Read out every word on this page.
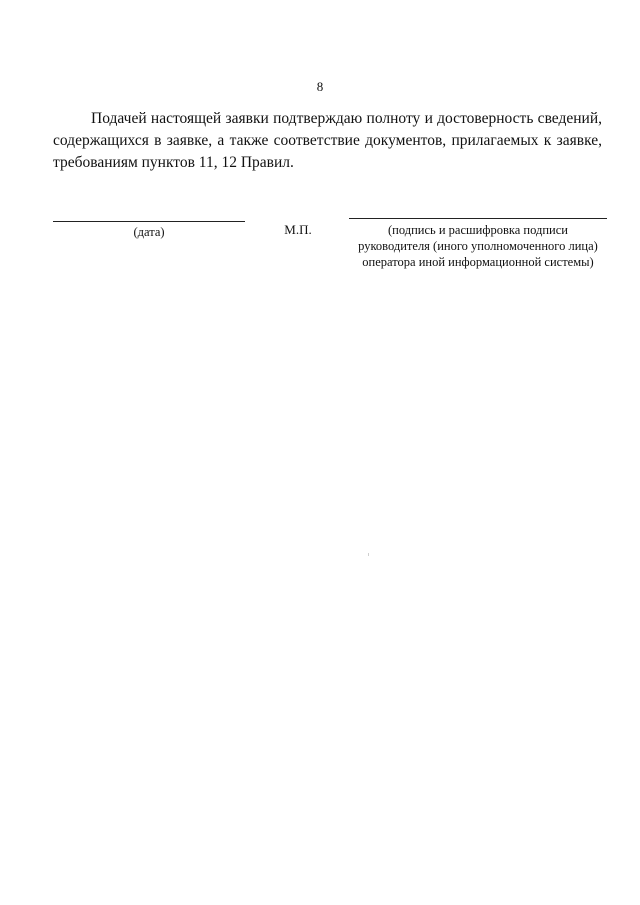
8

Подачей настоящей заявки подтверждаю полноту и достоверность сведений, содержащихся в заявке, а также соответствие документов, прилагаемых к заявке, требованиям пунктов 11, 12 Правил.

(дата)	М.П.	(подпись и расшифровка подписи
руководителя (иного уполномоченного лица)
оператора иной информационной системы)
